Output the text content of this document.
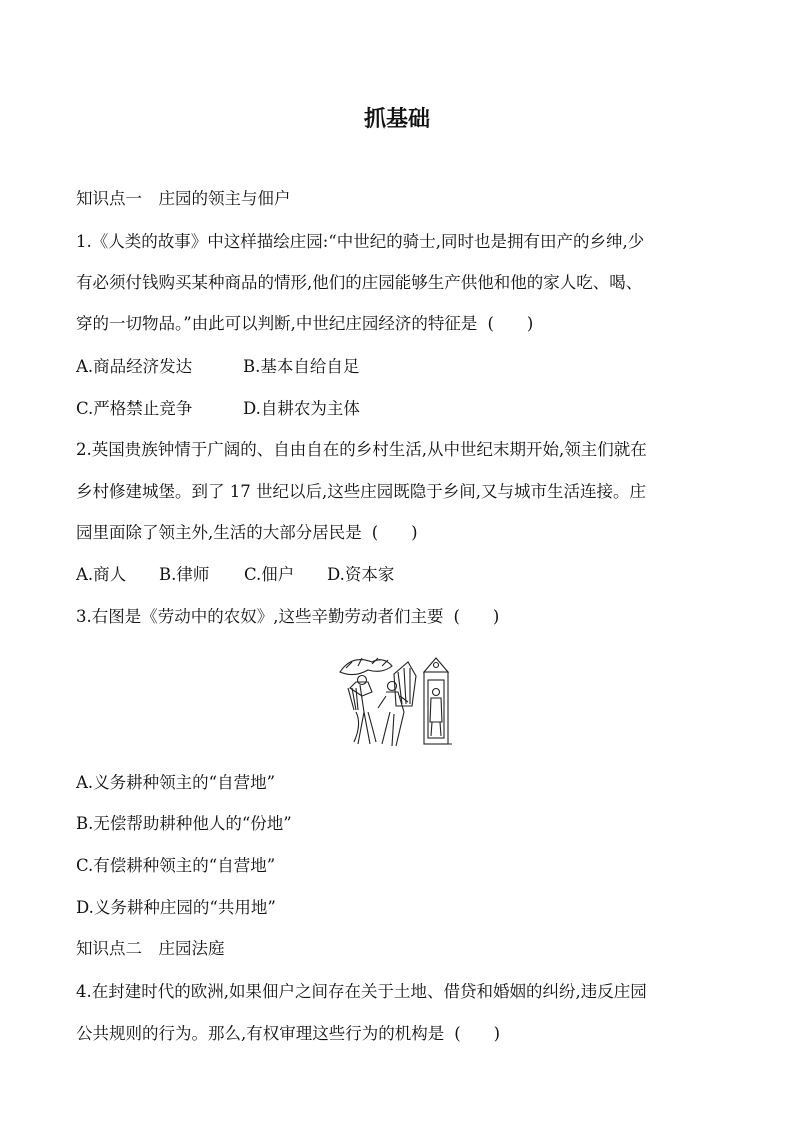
抓基础
知识点一　庄园的领主与佃户
1.《人类的故事》中这样描绘庄园:“中世纪的骑士,同时也是拥有田产的乡绅,少
有必须付钱购买某种商品的情形,他们的庄园能够生产供他和他的家人吃、喝、
穿的一切物品。”由此可以判断,中世纪庄园经济的特征是 (　　)
A.商品经济发达	B.基本自给自足
C.严格禁止竞争	D.自耕农为主体
2.英国贵族钟情于广阔的、自由自在的乡村生活,从中世纪末期开始,领主们就在
乡村修建城堡。到了 17 世纪以后,这些庄园既隐于乡间,又与城市生活连接。庄
园里面除了领主外,生活的大部分居民是 (　　)
A.商人 B.律师 C.佃户 D.资本家
3.右图是《劳动中的农奴》,这些辛勤劳动者们主要 (　　)
A.义务耕种领主的“自营地”
B.无偿帮助耕种他人的“份地”
C.有偿耕种领主的“自营地”
D.义务耕种庄园的“共用地”
知识点二　庄园法庭
4.在封建时代的欧洲,如果佃户之间存在关于土地、借贷和婚姻的纠纷,违反庄园
公共规则的行为。那么,有权审理这些行为的机构是 (　　)
